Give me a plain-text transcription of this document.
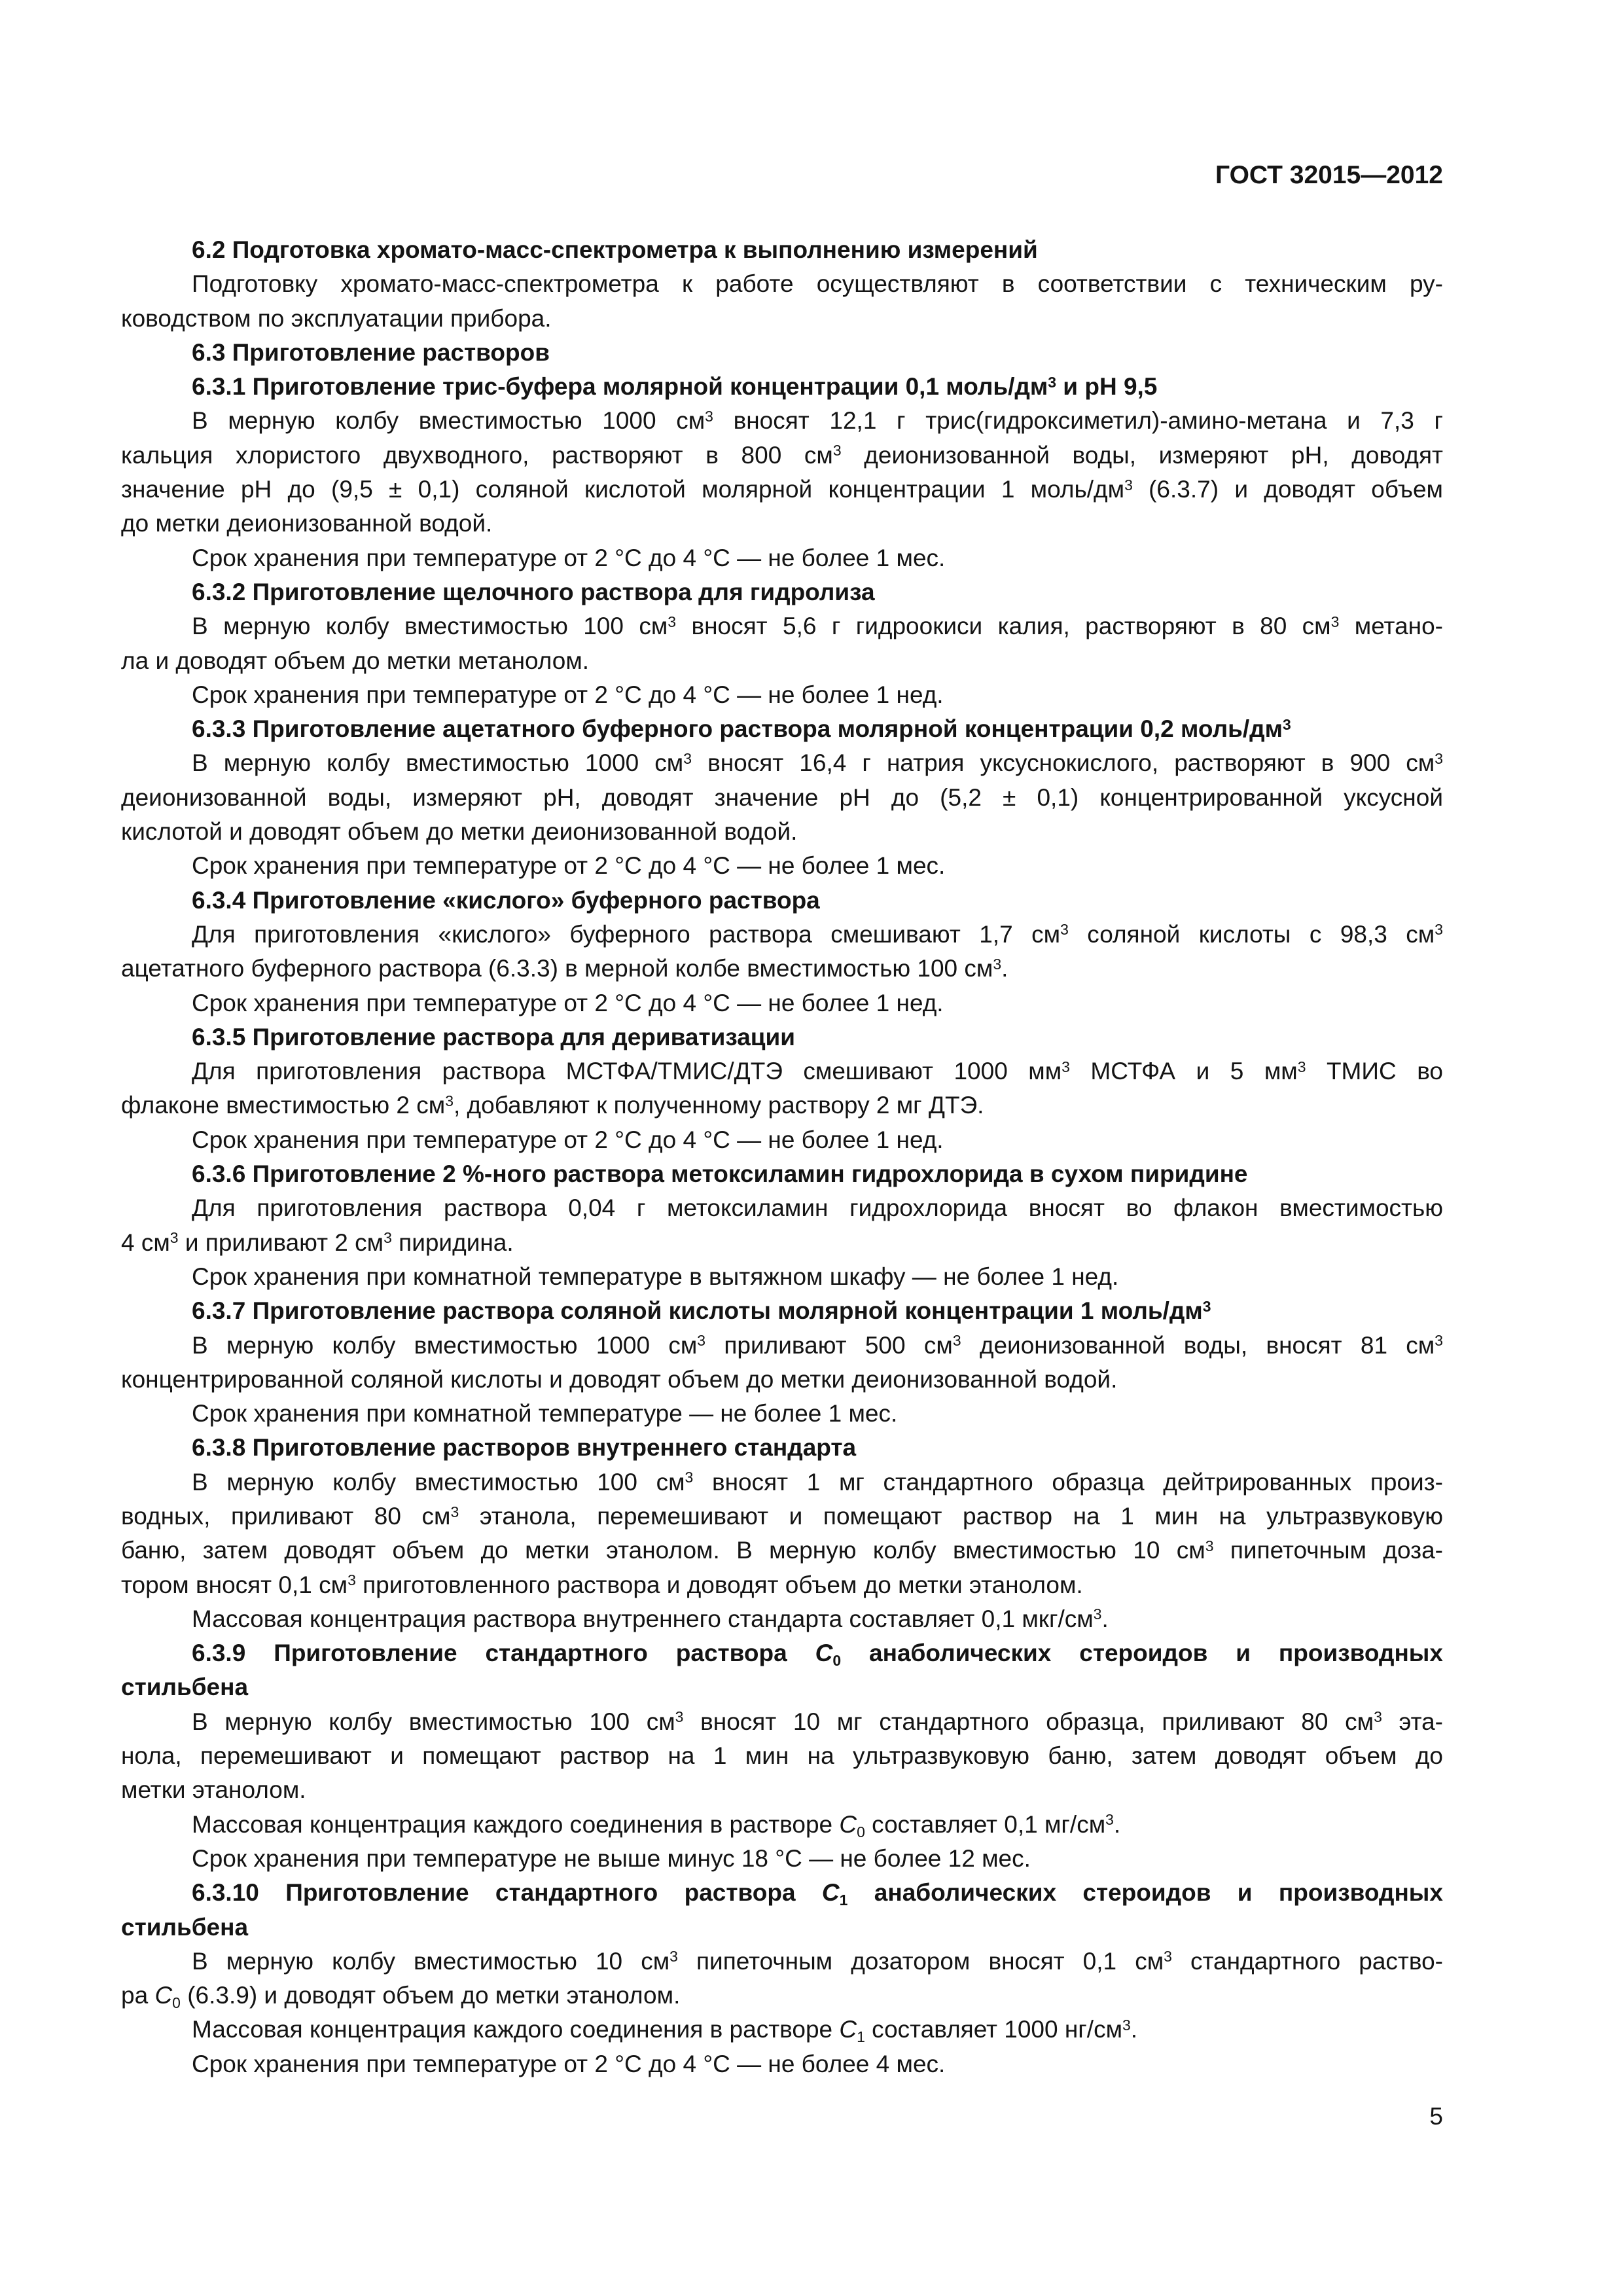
ГОСТ 32015—2012
6.2 Подготовка хромато-масс-спектрометра к выполнению измерений
Подготовку хромато-масс-спектрометра к работе осуществляют в соответствии с техническим ру-
ководством по эксплуатации прибора.
6.3 Приготовление растворов
6.3.1 Приготовление трис-буфера молярной концентрации 0,1 моль/$дм^3$ и pH 9,5
В мерную колбу вместимостью 1000 $см^3$ вносят 12,1 г трис(гидроксиметил)-амино-метана и 7,3 г
кальция хлористого двухводного, растворяют в 800 $см^3$ деионизованной воды, измеряют pH, доводят
значение pH до (9,5 ± 0,1) соляной кислотой молярной концентрации 1 моль/$дм^3$ (6.3.7) и доводят объем
до метки деионизованной водой.
Срок хранения при температуре от 2 °C до 4 °C — не более 1 мес.
6.3.2 Приготовление щелочного раствора для гидролиза
В мерную колбу вместимостью 100 $см^3$ вносят 5,6 г гидроокиси калия, растворяют в 80 $см^3$ метано-
ла и доводят объем до метки метанолом.
Срок хранения при температуре от 2 °C до 4 °C — не более 1 нед.
6.3.3 Приготовление ацетатного буферного раствора молярной концентрации 0,2 моль/$дм^3$
В мерную колбу вместимостью 1000 $см^3$ вносят 16,4 г натрия уксуснокислого, растворяют в 900 $см^3$
деионизованной воды, измеряют pH, доводят значение pH до (5,2 ± 0,1) концентрированной уксусной
кислотой и доводят объем до метки деионизованной водой.
Срок хранения при температуре от 2 °C до 4 °C — не более 1 мес.
6.3.4 Приготовление «кислого» буферного раствора
Для приготовления «кислого» буферного раствора смешивают 1,7 $см^3$ соляной кислоты с 98,3 $см^3$
ацетатного буферного раствора (6.3.3) в мерной колбе вместимостью 100 $см^3$.
Срок хранения при температуре от 2 °C до 4 °C — не более 1 нед.
6.3.5 Приготовление раствора для дериватизации
Для приготовления раствора МСТФА/ТМИС/ДТЭ смешивают 1000 $мм^3$ МСТФА и 5 $мм^3$ ТМИС во
флаконе вместимостью 2 $см^3$, добавляют к полученному раствору 2 мг ДТЭ.
Срок хранения при температуре от 2 °C до 4 °C — не более 1 нед.
6.3.6 Приготовление 2 %-ного раствора метоксиламин гидрохлорида в сухом пиридине
Для приготовления раствора 0,04 г метоксиламин гидрохлорида вносят во флакон вместимостью
4 $см^3$ и приливают 2 $см^3$ пиридина.
Срок хранения при комнатной температуре в вытяжном шкафу — не более 1 нед.
6.3.7 Приготовление раствора соляной кислоты молярной концентрации 1 моль/$дм^3$
В мерную колбу вместимостью 1000 $см^3$ приливают 500 $см^3$ деионизованной воды, вносят 81 $см^3$
концентрированной соляной кислоты и доводят объем до метки деионизованной водой.
Срок хранения при комнатной температуре — не более 1 мес.
6.3.8 Приготовление растворов внутреннего стандарта
В мерную колбу вместимостью 100 $см^3$ вносят 1 мг стандартного образца дейтрированных произ-
водных, приливают 80 $см^3$ этанола, перемешивают и помещают раствор на 1 мин на ультразвуковую
баню, затем доводят объем до метки этанолом. В мерную колбу вместимостью 10 $см^3$ пипеточным доза-
тором вносят 0,1 $см^3$ приготовленного раствора и доводят объем до метки этанолом.
Массовая концентрация раствора внутреннего стандарта составляет 0,1 мкг/$см^3$.
6.3.9 Приготовление стандартного раствора C0 анаболических стероидов и производных
стильбена
В мерную колбу вместимостью 100 $см^3$ вносят 10 мг стандартного образца, приливают 80 $см^3$ эта-
нола, перемешивают и помещают раствор на 1 мин на ультразвуковую баню, затем доводят объем до
метки этанолом.
Массовая концентрация каждого соединения в растворе C0 составляет 0,1 $мг/см^3$.
Срок хранения при температуре не выше минус 18 °C — не более 12 мес.
6.3.10 Приготовление стандартного раствора C1 анаболических стероидов и производных
стильбена
В мерную колбу вместимостью 10 $см^3$ пипеточным дозатором вносят 0,1 $см^3$ стандартного раство-
ра C0 (6.3.9) и доводят объем до метки этанолом.
Массовая концентрация каждого соединения в растворе C1 составляет 1000 $нг/см^3$.
Срок хранения при температуре от 2 °C до 4 °C — не более 4 мес.
5
